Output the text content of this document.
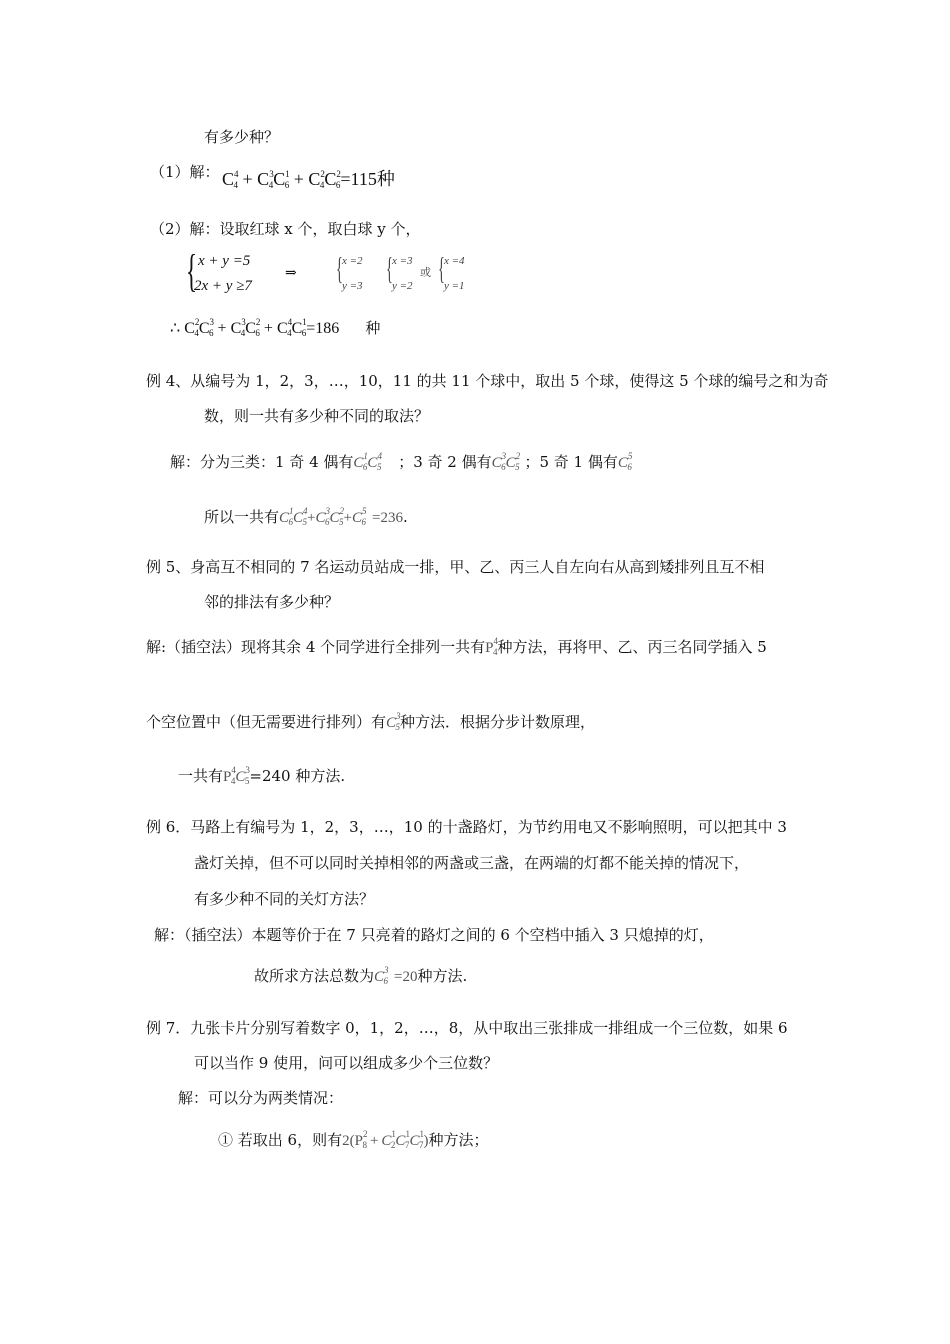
有多少种？
（1）解： $C^44 + C^34C^16 + C^24C^26=115$种
（2）解：设取红球 x 个，取白球 y 个，
{ x + y =5
2x + y ≥7
⇒ { x =2
y =3 { x =3
y =2
或 { x =4
y =1
∴ $C^24C^36 + C^34C^26 + C^44C^16=186$ 种
例 4、从编号为 1，2，3，…，10，11 的共 11 个球中，取出 5 个球，使得这 5 个球的编号之和为奇
数，则一共有多少种不同的取法？
解：分为三类：1 奇 4 偶有$C^1_6C^4_5$ ；3 奇 2 偶有$C^3_6C^2_5$ ；5 奇 1 偶有$C^5_6$
所以一共有$C^1_6C^4_5+C^3_6C^2_5+C^5_6 =236$.
例 5、身高互不相同的 7 名运动员站成一排，甲、乙、丙三人自左向右从高到矮排列且互不相
邻的排法有多少种？
解:（插空法）现将其余 4 个同学进行全排列一共有$P^4_4$种方法，再将甲、乙、丙三名同学插入 5
个空位置中（但无需要进行排列）有$C^3_5$种方法．根据分步计数原理，
一共有$P^4_4C^3_5=240$ 种方法.
例 6．马路上有编号为 1，2，3，…，10 的十盏路灯，为节约用电又不影响照明，可以把其中 3
盏灯关掉，但不可以同时关掉相邻的两盏或三盏，在两端的灯都不能关掉的情况下，
有多少种不同的关灯方法？
解：（插空法）本题等价于在 7 只亮着的路灯之间的 6 个空档中插入 3 只熄掉的灯，
故所求方法总数为$C^3_6 =20$种方法.
例 7．九张卡片分别写着数字 0，1，2，…，8，从中取出三张排成一排组成一个三位数，如果 6
可以当作 9 使用，问可以组成多少个三位数？
解：可以分为两类情况：
① 若取出 6，则有$2(P^2_8 + C^1_2C^1_7C^1_7)$种方法；
